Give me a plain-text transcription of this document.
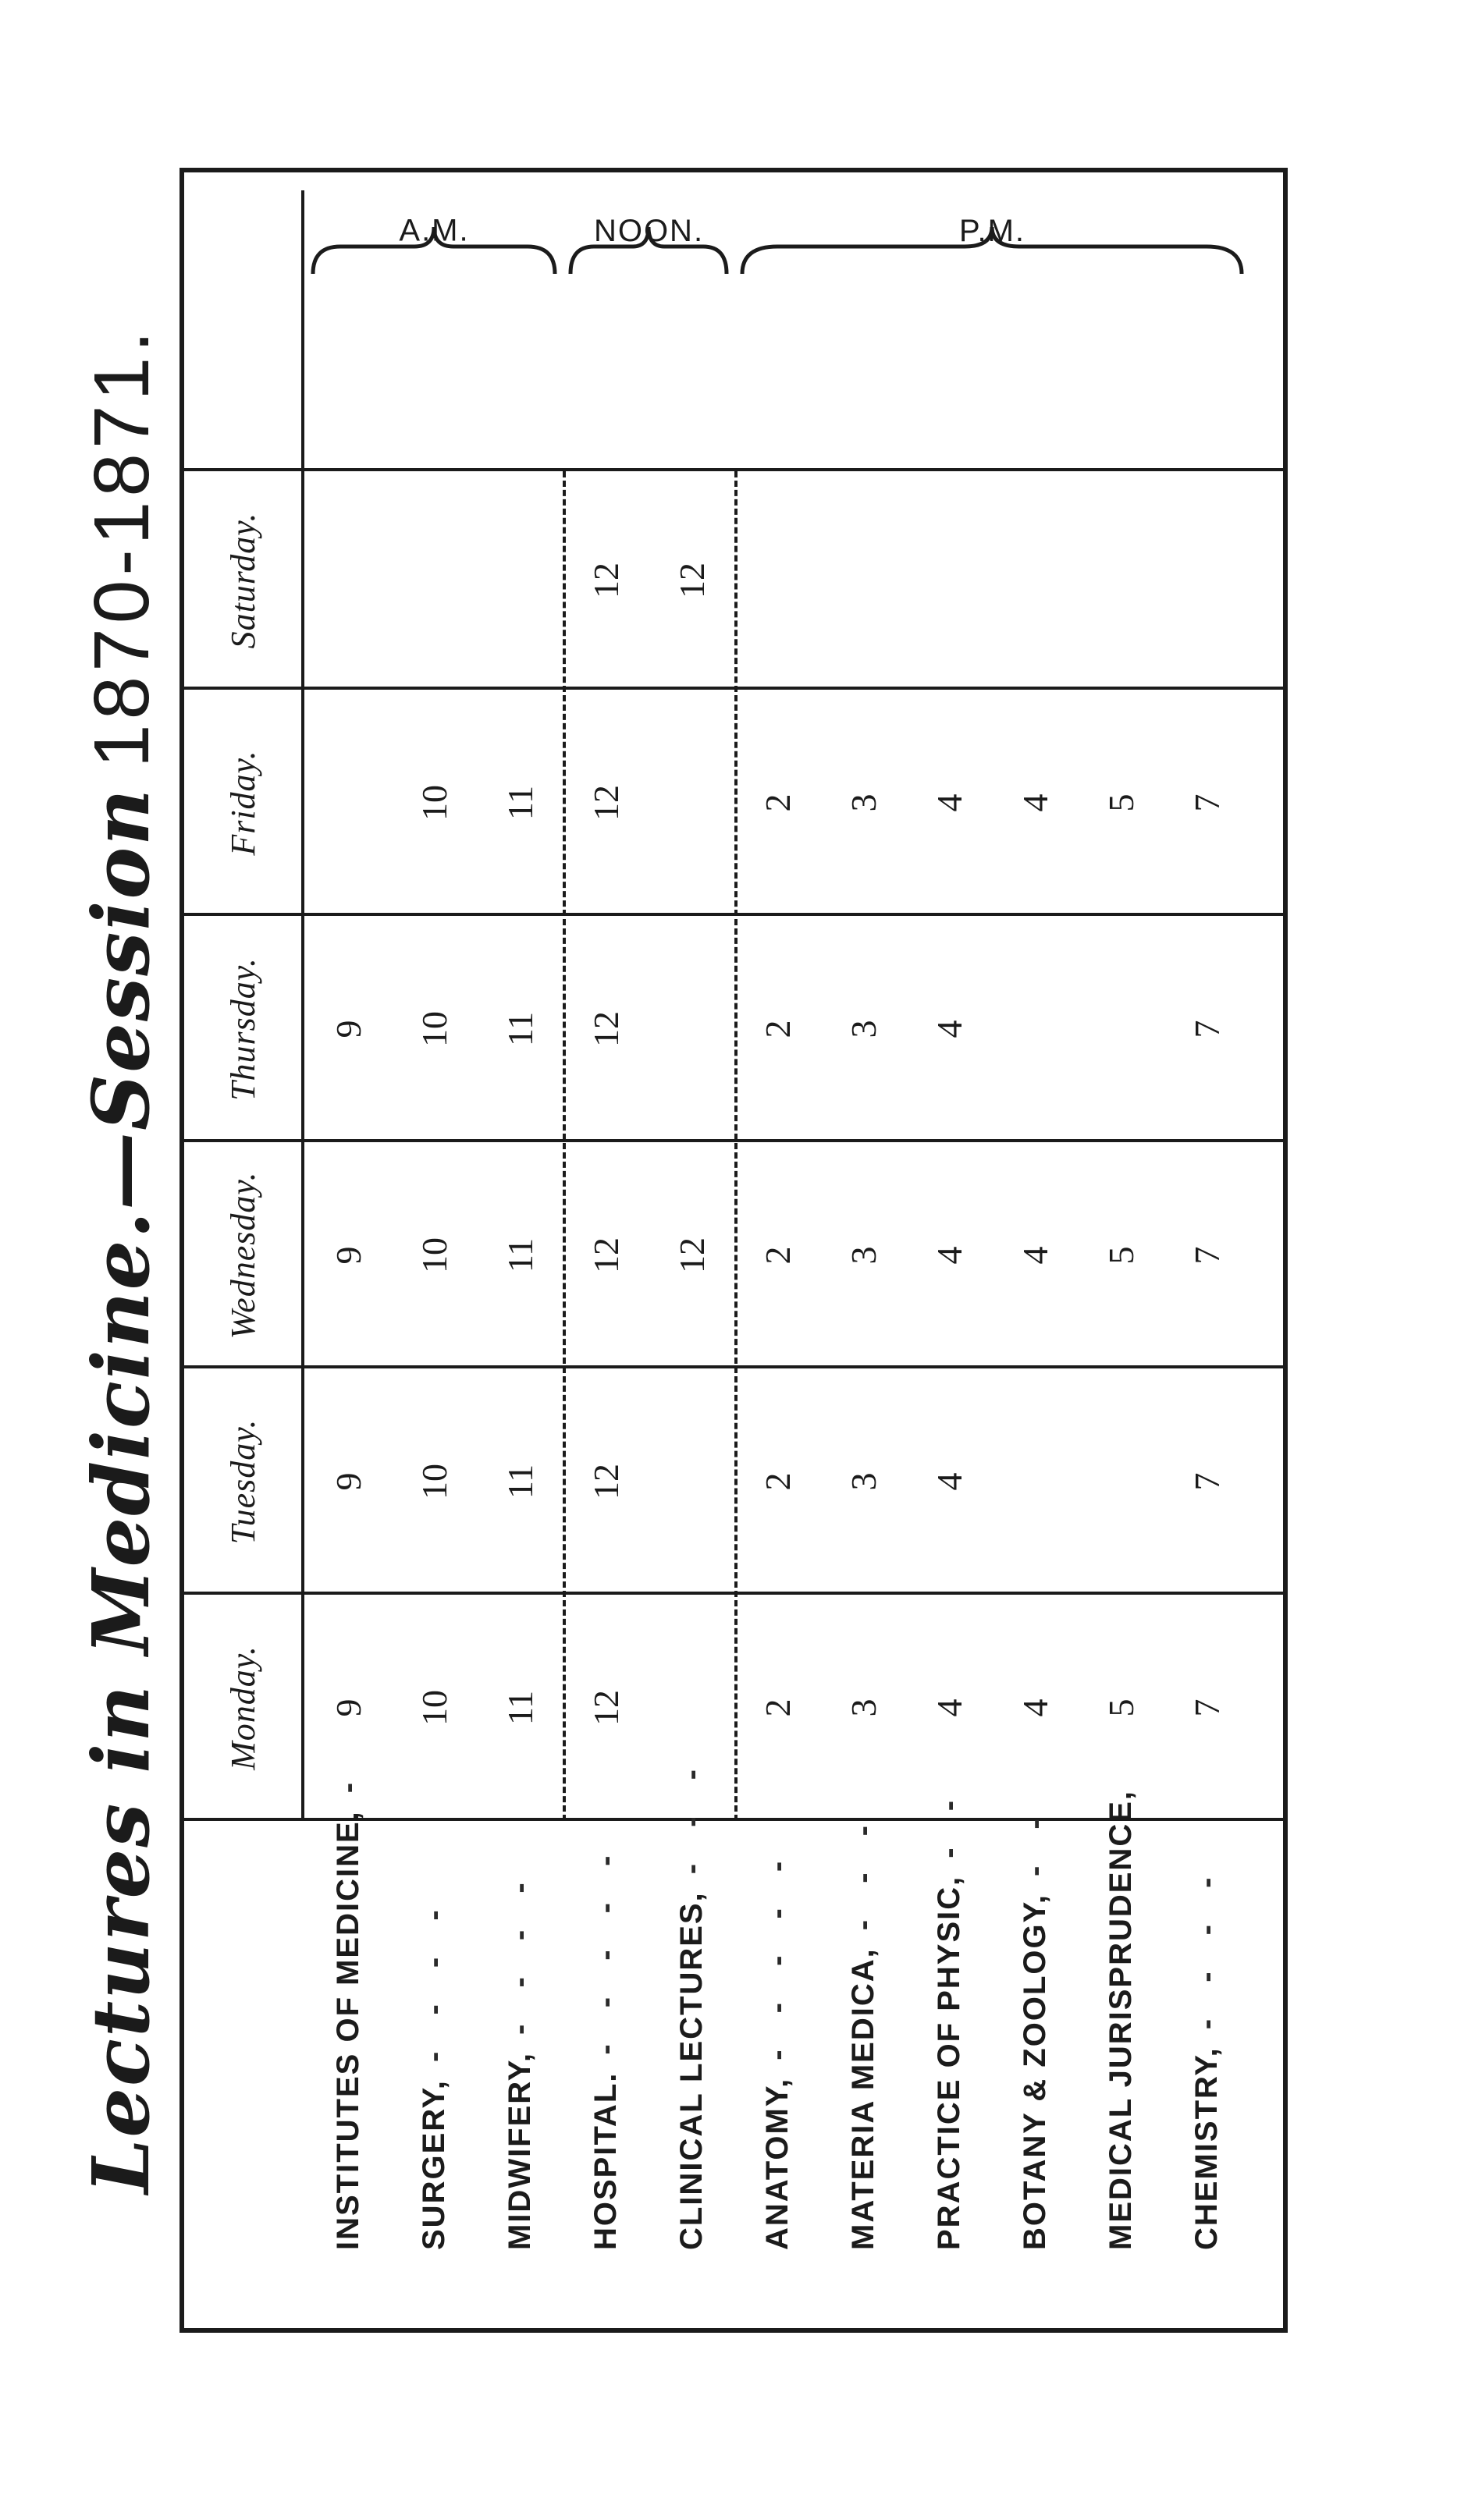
Lectures in Medicine.—Session 1870-1871.
Monday.
Tuesday.
Wednesday.
Thursday.
Friday.
Saturday.
INSTITUTES OF MEDICINE,
-
SURGERY,
- - - -
MIDWIFERY,
- - - -
HOSPITAL.
- - - - - CLINICAL LECTURES,
- - -
ANATOMY,
- - - - - MATERIA MEDICA,
- - -
PRACTICE OF PHYSIC,
- -
BOTANY & ZOOLOGY,
- - MEDICAL JURISPRUDENCE, CHEMISTRY,
- - - -
9
9
9
9
10
10
10
10
10
11
11
11
11
11
12
12
12
12
12
12
12
12
2
2
2
2
2
3
3
3
3
3
4
4
4
4
4
4
4
4
5
5
5
7
7
7
7
7
A.M.	NOON.	P.M.
